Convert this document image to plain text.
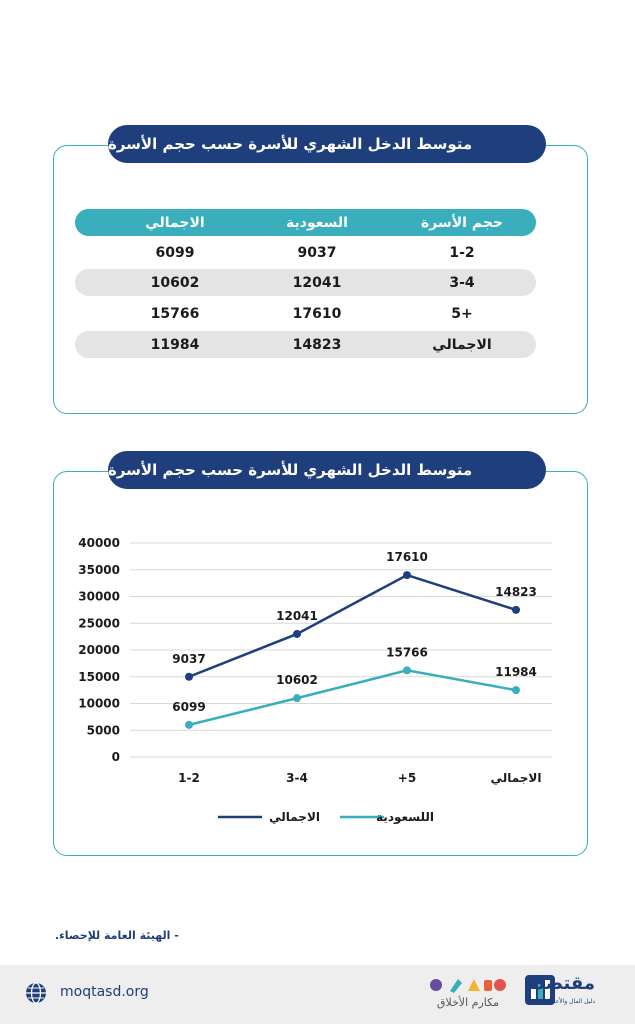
متوسط الدخل الشهري للأسرة حسب حجم الأسرة
الاجمالي	السعودية	حجم الأسرة
6099	9037	1-2
10602	12041	3-4
15766	17610	+5
11984	14823	الاجمالي
متوسط الدخل الشهري للأسرة حسب حجم الأسرة
0
5000
10000
15000
20000
25000
30000
35000
40000
1-2	3-4	+5	الاجمالي
9037
12041
17610
14823
6099
10602
15766
11984
الاجمالي	اللسعودية
- الهيئة العامة للإحصاء.
moqtasd.org
مكارم الأخلاق
مقتصد
دليل المال والأعمال
